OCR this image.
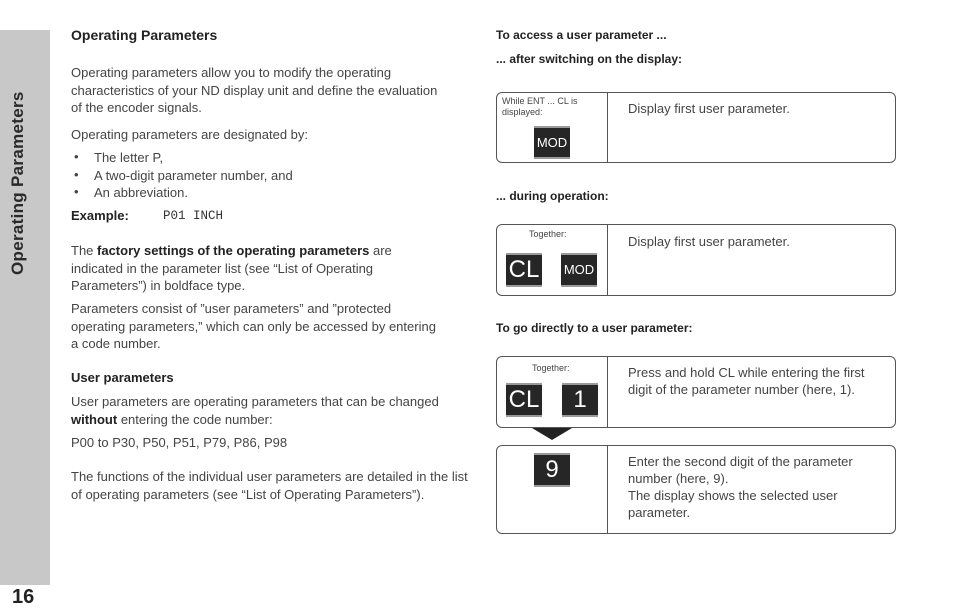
Operating Parameters
16
Operating Parameters
Operating parameters allow you to modify the operating characteristics of your ND display unit and define the evaluation of the encoder signals.
Operating parameters are designated by:
• The letter P,
• A two-digit parameter number, and
• An abbreviation.
Example:	P01 INCH
The factory settings of the operating parameters are indicated in the parameter list (see “List of Operating Parameters”) in boldface type.
Parameters consist of ”user parameters” and ”protected operating parameters,” which can only be accessed by entering a code number.
User parameters
User parameters are operating parameters that can be changed without entering the code number:
P00 to P30, P50, P51, P79, P86, P98
The functions of the individual user parameters are detailed in the list of operating parameters (see “List of Operating Parameters”).
To access a user parameter ...
... after switching on the display:
While ENT ... CL is displayed:
MOD
Display first user parameter.
... during operation:
Together:
CL MOD
Display first user parameter.
To go directly to a user parameter:
Together:
CL	1
Press and hold CL while entering the first digit of the parameter number (here, 1).
9	Enter the second digit of the parameter number (here, 9).
The display shows the selected user parameter.
